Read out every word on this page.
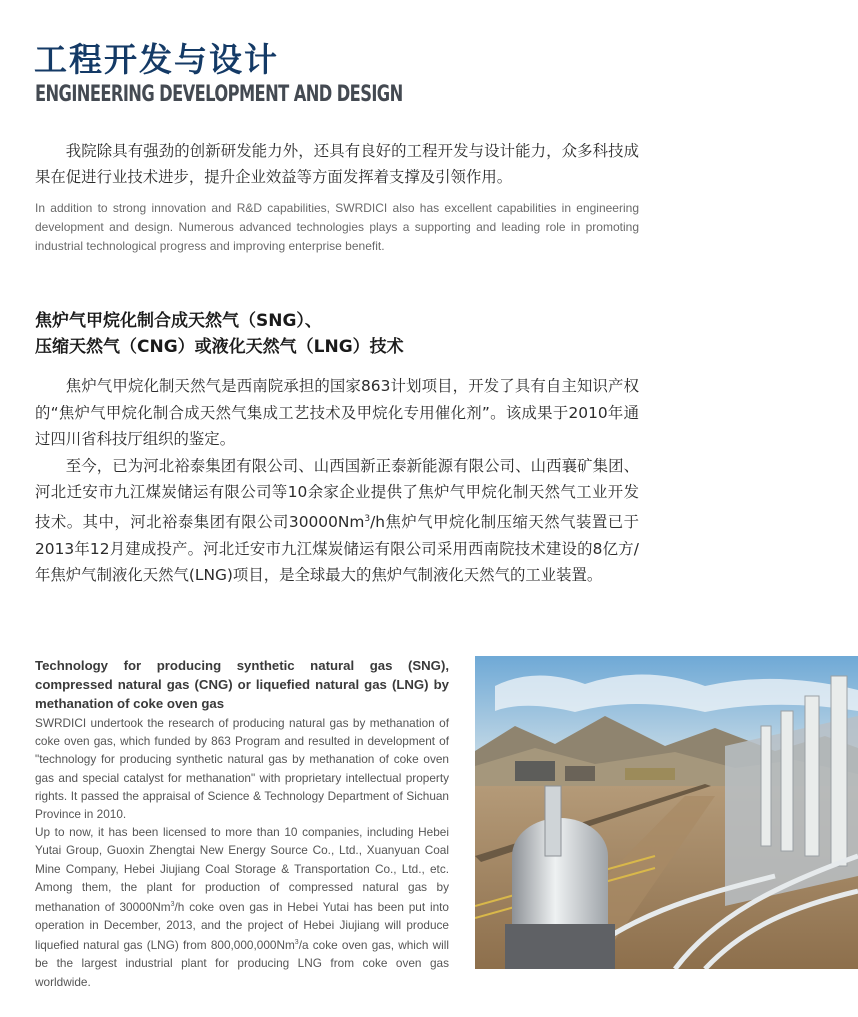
工程开发与设计
ENGINEERING DEVELOPMENT AND DESIGN

我院除具有强劲的创新研发能力外，还具有良好的工程开发与设计能力，众多科技成果在促进行业技术进步，提升企业效益等方面发挥着支撑及引领作用。

In addition to strong innovation and R&D capabilities, SWRDICI also has excellent capabilities in engineering development and design. Numerous advanced technologies plays a supporting and leading role in promoting industrial technological progress and improving enterprise benefit.

焦炉气甲烷化制合成天然气（SNG）、
压缩天然气（CNG）或液化天然气（LNG）技术

焦炉气甲烷化制天然气是西南院承担的国家863计划项目，开发了具有自主知识产权的“焦炉气甲烷化制合成天然气集成工艺技术及甲烷化专用催化剂”。该成果于2010年通过四川省科技厅组织的鉴定。

至今，已为河北裕泰集团有限公司、山西国新正泰新能源有限公司、山西襄矿集团、河北迁安市九江煤炭储运有限公司等10余家企业提供了焦炉气甲烷化制天然气工业开发技术。其中，河北裕泰集团有限公司30000Nm$^3$/h焦炉气甲烷化制压缩天然气装置已于2013年12月建成投产。河北迁安市九江煤炭储运有限公司采用西南院技术建设的8亿方/年焦炉气制液化天然气(LNG)项目，是全球最大的焦炉气制液化天然气的工业装置。

Technology for producing synthetic natural gas (SNG), compressed natural gas (CNG) or liquefied natural gas (LNG) by methanation of coke oven gas

SWRDICI undertook the research of producing natural gas by methanation of coke oven gas, which funded by 863 Program and resulted in development of "technology for producing synthetic natural gas by methanation of coke oven gas and special catalyst for methanation" with proprietary intellectual property rights. It passed the appraisal of Science & Technology Department of Sichuan Province in 2010.

Up to now, it has been licensed to more than 10 companies, including Hebei Yutai Group, Guoxin Zhengtai New Energy Source Co., Ltd., Xuanyuan Coal Mine Company, Hebei Jiujiang Coal Storage & Transportation Co., Ltd., etc. Among them, the plant for production of compressed natural gas by methanation of 30000Nm$^3$/h coke oven gas in Hebei Yutai has been put into operation in December, 2013, and the project of Hebei Jiujiang will produce liquefied natural gas (LNG) from 800,000,000Nm$^3$/a coke oven gas, which will be the largest industrial plant for producing LNG from coke oven gas worldwide.
